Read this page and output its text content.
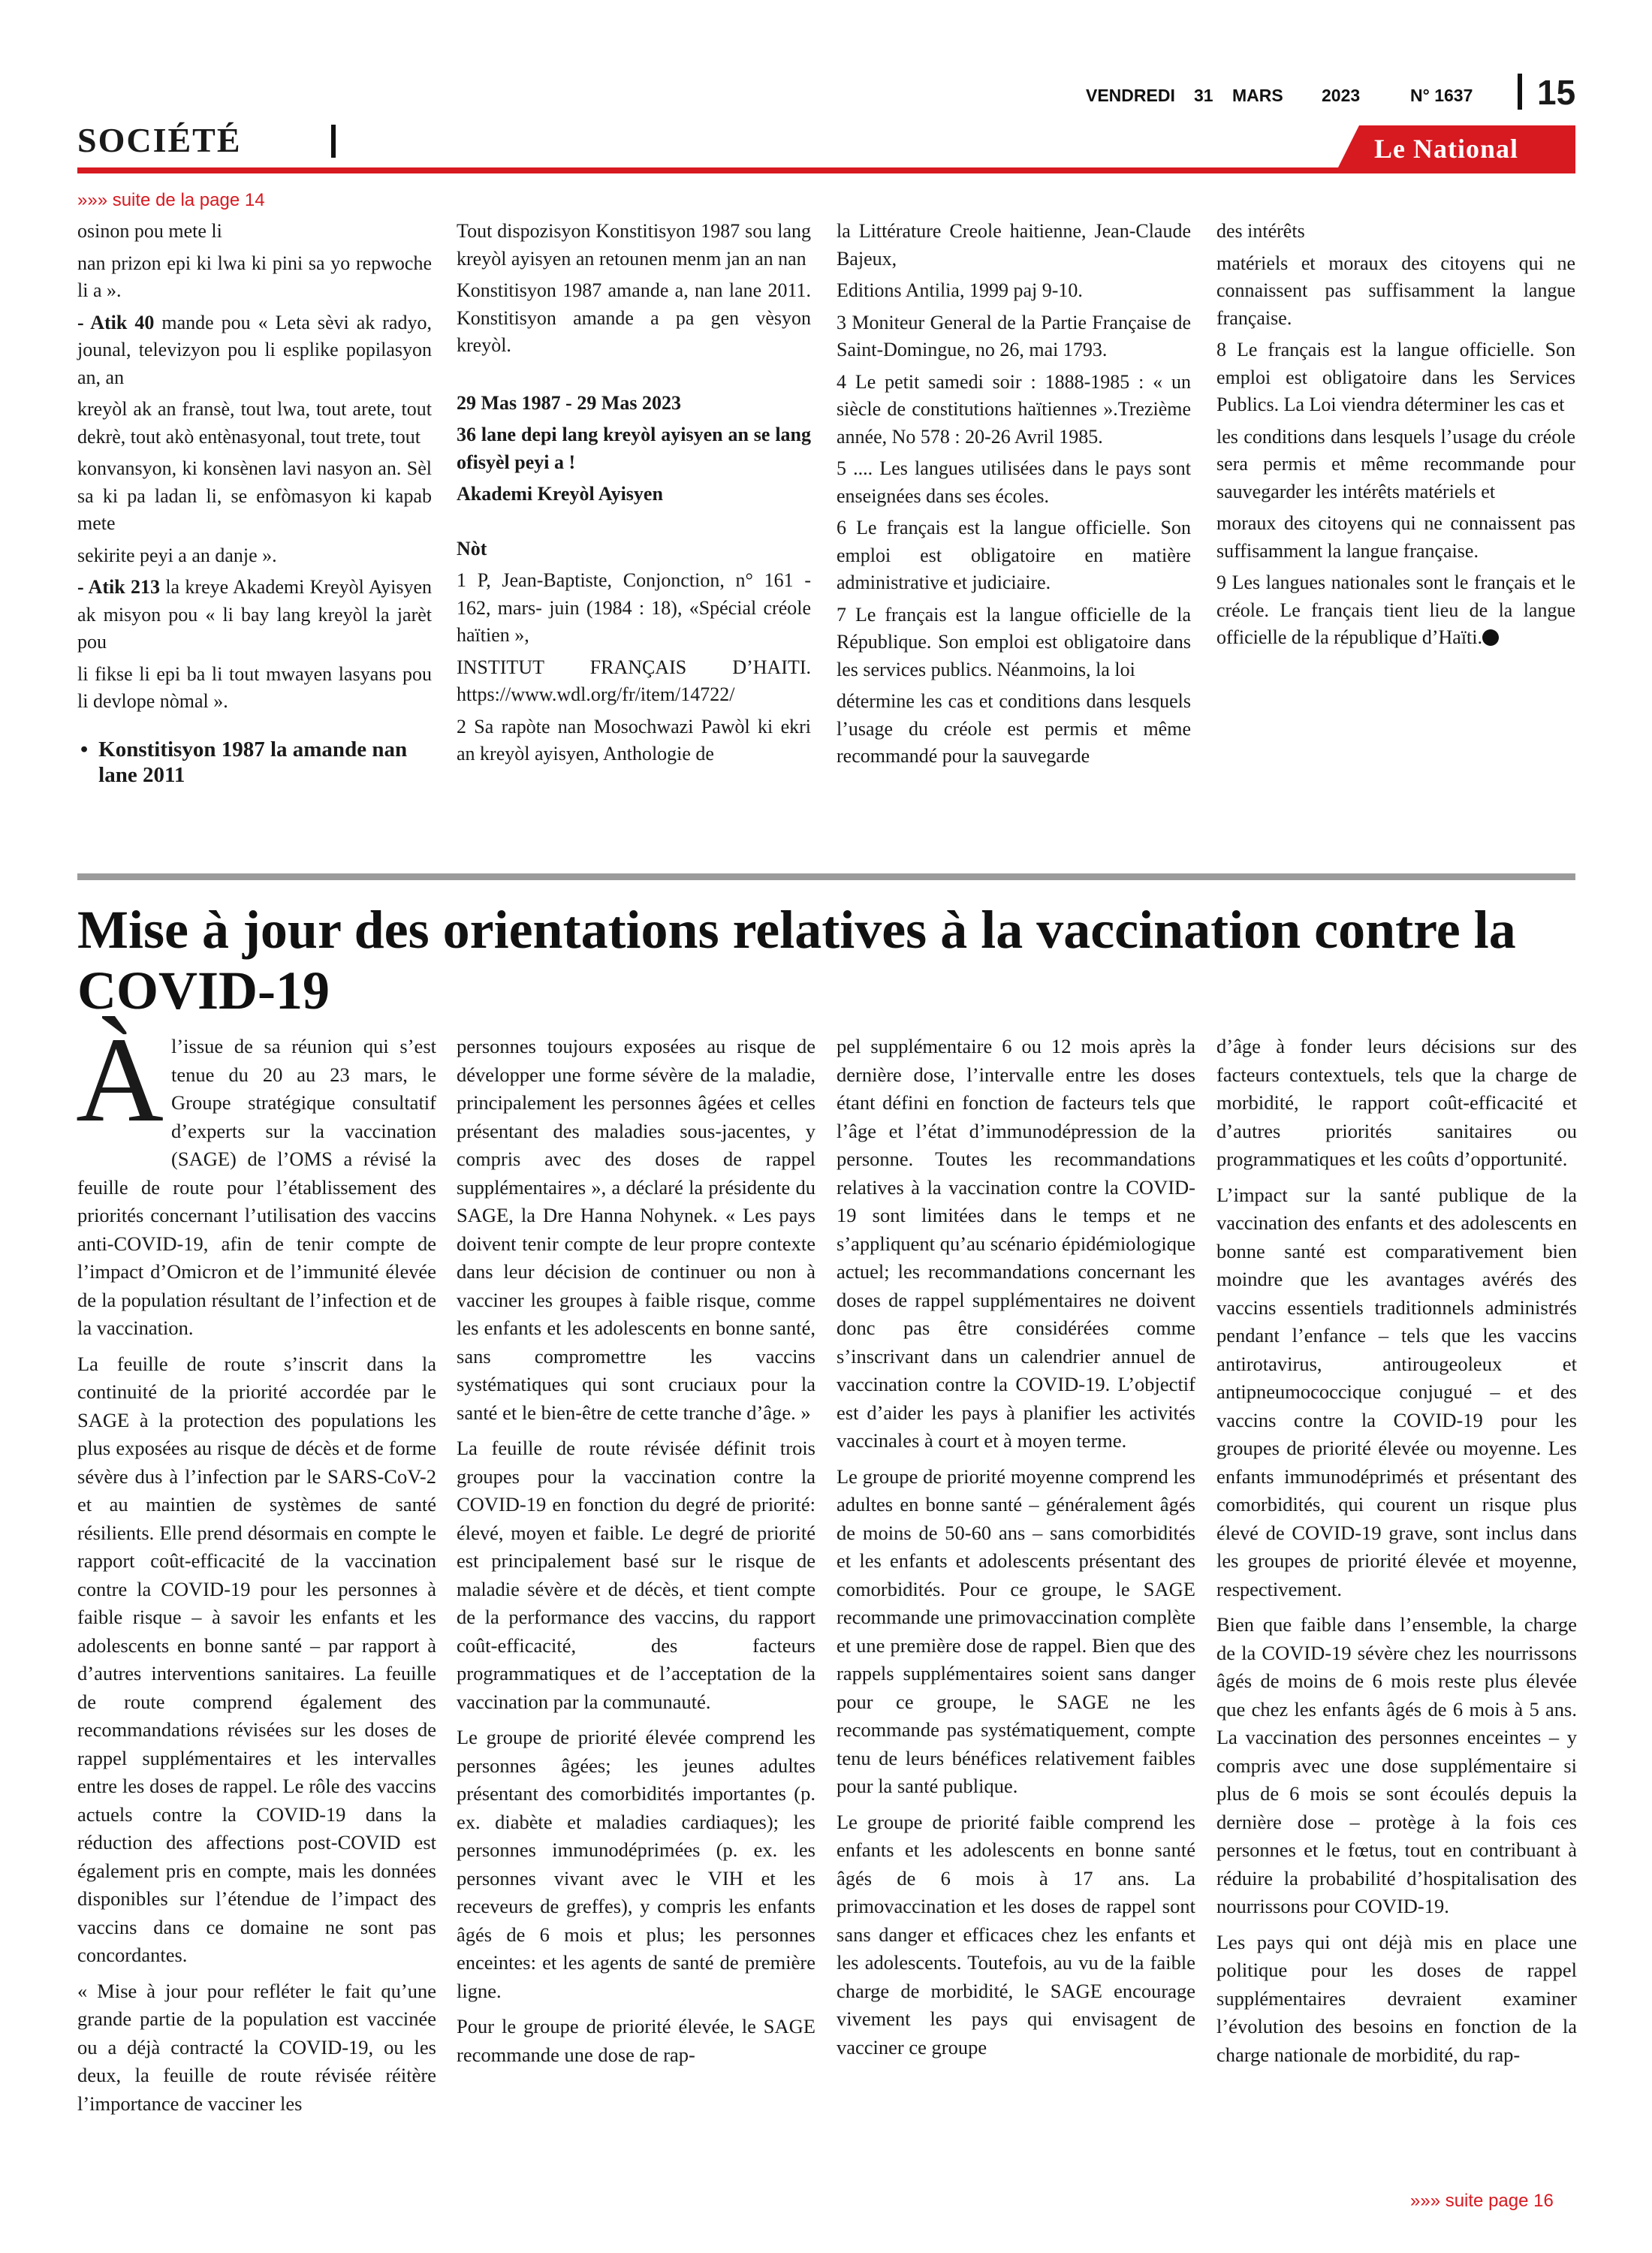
VENDREDI 31 MARS 2023	N° 1637 15
SOCIÉTÉ	Le National
»»» suite de la page 14

osinon pou mete li

nan prizon epi ki lwa ki pini sa yo repwoche li a ».

- Atik 40 mande pou « Leta sèvi ak radyo, jounal, televizyon pou li esplike popilasyon an, an

kreyòl ak an fransè, tout lwa, tout arete, tout dekrè, tout akò entènasyonal, tout trete, tout

konvansyon, ki konsènen lavi nasyon an. Sèl sa ki pa ladan li, se enfòmasyon ki kapab mete

sekirite peyi a an danje ».

- Atik 213 la kreye Akademi Kreyòl Ayisyen ak misyon pou « li bay lang kreyòl la jarèt pou

li fikse li epi ba li tout mwayen lasyans pou li devlope nòmal ».

• Konstitisyon 1987 la amande nan lane 2011

Tout dispozisyon Konstitisyon 1987 sou lang kreyòl ayisyen an retounen menm jan an nan

Konstitisyon 1987 amande a, nan lane 2011. Konstitisyon amande a pa gen vèsyon kreyòl.

29 Mas 1987 - 29 Mas 2023

36 lane depi lang kreyòl ayisyen an se lang ofisyèl peyi a !

Akademi Kreyòl Ayisyen

Nòt

1 P, Jean-Baptiste, Conjonction, n° 161 - 162, mars- juin (1984 : 18), «Spécial créole haïtien »,

INSTITUT FRANÇAIS D’HAITI. https://www.wdl.org/fr/item/14722/

2 Sa rapòte nan Mosochwazi Pawòl ki ekri an kreyòl ayisyen, Anthologie de

la Littérature Creole haitienne, Jean-Claude Bajeux,

Editions Antilia, 1999 paj 9-10.

3 Moniteur General de la Partie Française de Saint-Domingue, no 26, mai 1793.

4 Le petit samedi soir : 1888-1985 : « un siècle de constitutions haïtiennes ».Trezième année, No 578 : 20-26 Avril 1985.

5 .... Les langues utilisées dans le pays sont enseignées dans ses écoles.

6 Le français est la langue officielle. Son emploi est obligatoire en matière administrative et judiciaire.

7 Le français est la langue officielle de la République. Son emploi est obligatoire dans les services publics. Néanmoins, la loi

détermine les cas et conditions dans lesquels l’usage du créole est permis et même recommandé pour la sauvegarde

des intérêts

matériels et moraux des citoyens qui ne connaissent pas suffisamment la langue française.

8 Le français est la langue officielle. Son emploi est obligatoire dans les Services Publics. La Loi viendra déterminer les cas et

les conditions dans lesquels l’usage du créole sera permis et même recommande pour sauvegarder les intérêts matériels et

moraux des citoyens qui ne connaissent pas suffisamment la langue française.

9 Les langues nationales sont le français et le créole. Le français tient lieu de la langue officielle de la république d’Haïti.

Mise à jour des orientations relatives à la vaccination contre la COVID-19

Àl’issue de sa réunion qui s’est tenue du 20 au 23 mars, le Groupe stratégique consultatif d’experts sur la vaccination (SAGE) de l’OMS a révisé la feuille de route pour l’établissement des priorités concernant l’utilisation des vaccins anti-COVID-19, afin de tenir compte de l’impact d’Omicron et de l’immunité élevée de la population résultant de l’infection et de la vaccination.

La feuille de route s’inscrit dans la continuité de la priorité accordée par le SAGE à la protection des populations les plus exposées au risque de décès et de forme sévère dus à l’infection par le SARS-CoV-2 et au maintien de systèmes de santé résilients. Elle prend désormais en compte le rapport coût-efficacité de la vaccination contre la COVID-19 pour les personnes à faible risque – à savoir les enfants et les adolescents en bonne santé – par rapport à d’autres interventions sanitaires. La feuille de route comprend également des recommandations révisées sur les doses de rappel supplémentaires et les intervalles entre les doses de rappel. Le rôle des vaccins actuels contre la COVID-19 dans la réduction des affections post-COVID est également pris en compte, mais les données disponibles sur l’étendue de l’impact des vaccins dans ce domaine ne sont pas concordantes.

« Mise à jour pour refléter le fait qu’une grande partie de la population est vaccinée ou a déjà contracté la COVID-19, ou les deux, la feuille de route révisée réitère l’importance de vacciner les

personnes toujours exposées au risque de développer une forme sévère de la maladie, principalement les personnes âgées et celles présentant des maladies sous-jacentes, y compris avec des doses de rappel supplémentaires », a déclaré la présidente du SAGE, la Dre Hanna Nohynek. « Les pays doivent tenir compte de leur propre contexte dans leur décision de continuer ou non à vacciner les groupes à faible risque, comme les enfants et les adolescents en bonne santé, sans compromettre les vaccins systématiques qui sont cruciaux pour la santé et le bien-être de cette tranche d’âge. »

La feuille de route révisée définit trois groupes pour la vaccination contre la COVID-19 en fonction du degré de priorité: élevé, moyen et faible. Le degré de priorité est principalement basé sur le risque de maladie sévère et de décès, et tient compte de la performance des vaccins, du rapport coût-efficacité, des facteurs programmatiques et de l’acceptation de la vaccination par la communauté.

Le groupe de priorité élevée comprend les personnes âgées; les jeunes adultes présentant des comorbidités importantes (p. ex. diabète et maladies cardiaques); les personnes immunodéprimées (p. ex. les personnes vivant avec le VIH et les receveurs de greffes), y compris les enfants âgés de 6 mois et plus; les personnes enceintes: et les agents de santé de première ligne.

Pour le groupe de priorité élevée, le SAGE recommande une dose de rap-

pel supplémentaire 6 ou 12 mois après la dernière dose, l’intervalle entre les doses étant défini en fonction de facteurs tels que l’âge et l’état d’immunodépression de la personne. Toutes les recommandations relatives à la vaccination contre la COVID-19 sont limitées dans le temps et ne s’appliquent qu’au scénario épidémiologique actuel; les recommandations concernant les doses de rappel supplémentaires ne doivent donc pas être considérées comme s’inscrivant dans un calendrier annuel de vaccination contre la COVID-19. L’objectif est d’aider les pays à planifier les activités vaccinales à court et à moyen terme.

Le groupe de priorité moyenne comprend les adultes en bonne santé – généralement âgés de moins de 50-60 ans – sans comorbidités et les enfants et adolescents présentant des comorbidités. Pour ce groupe, le SAGE recommande une primovaccination complète et une première dose de rappel. Bien que des rappels supplémentaires soient sans danger pour ce groupe, le SAGE ne les recommande pas systématiquement, compte tenu de leurs bénéfices relativement faibles pour la santé publique.

Le groupe de priorité faible comprend les enfants et les adolescents en bonne santé âgés de 6 mois à 17 ans. La primovaccination et les doses de rappel sont sans danger et efficaces chez les enfants et les adolescents. Toutefois, au vu de la faible charge de morbidité, le SAGE encourage vivement les pays qui envisagent de vacciner ce groupe

d’âge à fonder leurs décisions sur des facteurs contextuels, tels que la charge de morbidité, le rapport coût-efficacité et d’autres priorités sanitaires ou programmatiques et les coûts d’opportunité.

L’impact sur la santé publique de la vaccination des enfants et des adolescents en bonne santé est comparativement bien moindre que les avantages avérés des vaccins essentiels traditionnels administrés pendant l’enfance – tels que les vaccins antirotavirus, antirougeoleux et antipneumococcique conjugué – et des vaccins contre la COVID-19 pour les groupes de priorité élevée ou moyenne. Les enfants immunodéprimés et présentant des comorbidités, qui courent un risque plus élevé de COVID-19 grave, sont inclus dans les groupes de priorité élevée et moyenne, respectivement.

Bien que faible dans l’ensemble, la charge de la COVID-19 sévère chez les nourrissons âgés de moins de 6 mois reste plus élevée que chez les enfants âgés de 6 mois à 5 ans. La vaccination des personnes enceintes – y compris avec une dose supplémentaire si plus de 6 mois se sont écoulés depuis la dernière dose – protège à la fois ces personnes et le fœtus, tout en contribuant à réduire la probabilité d’hospitalisation des nourrissons pour COVID-19.

Les pays qui ont déjà mis en place une politique pour les doses de rappel supplémentaires devraient examiner l’évolution des besoins en fonction de la charge nationale de morbidité, du rap-

»»» suite page 16
